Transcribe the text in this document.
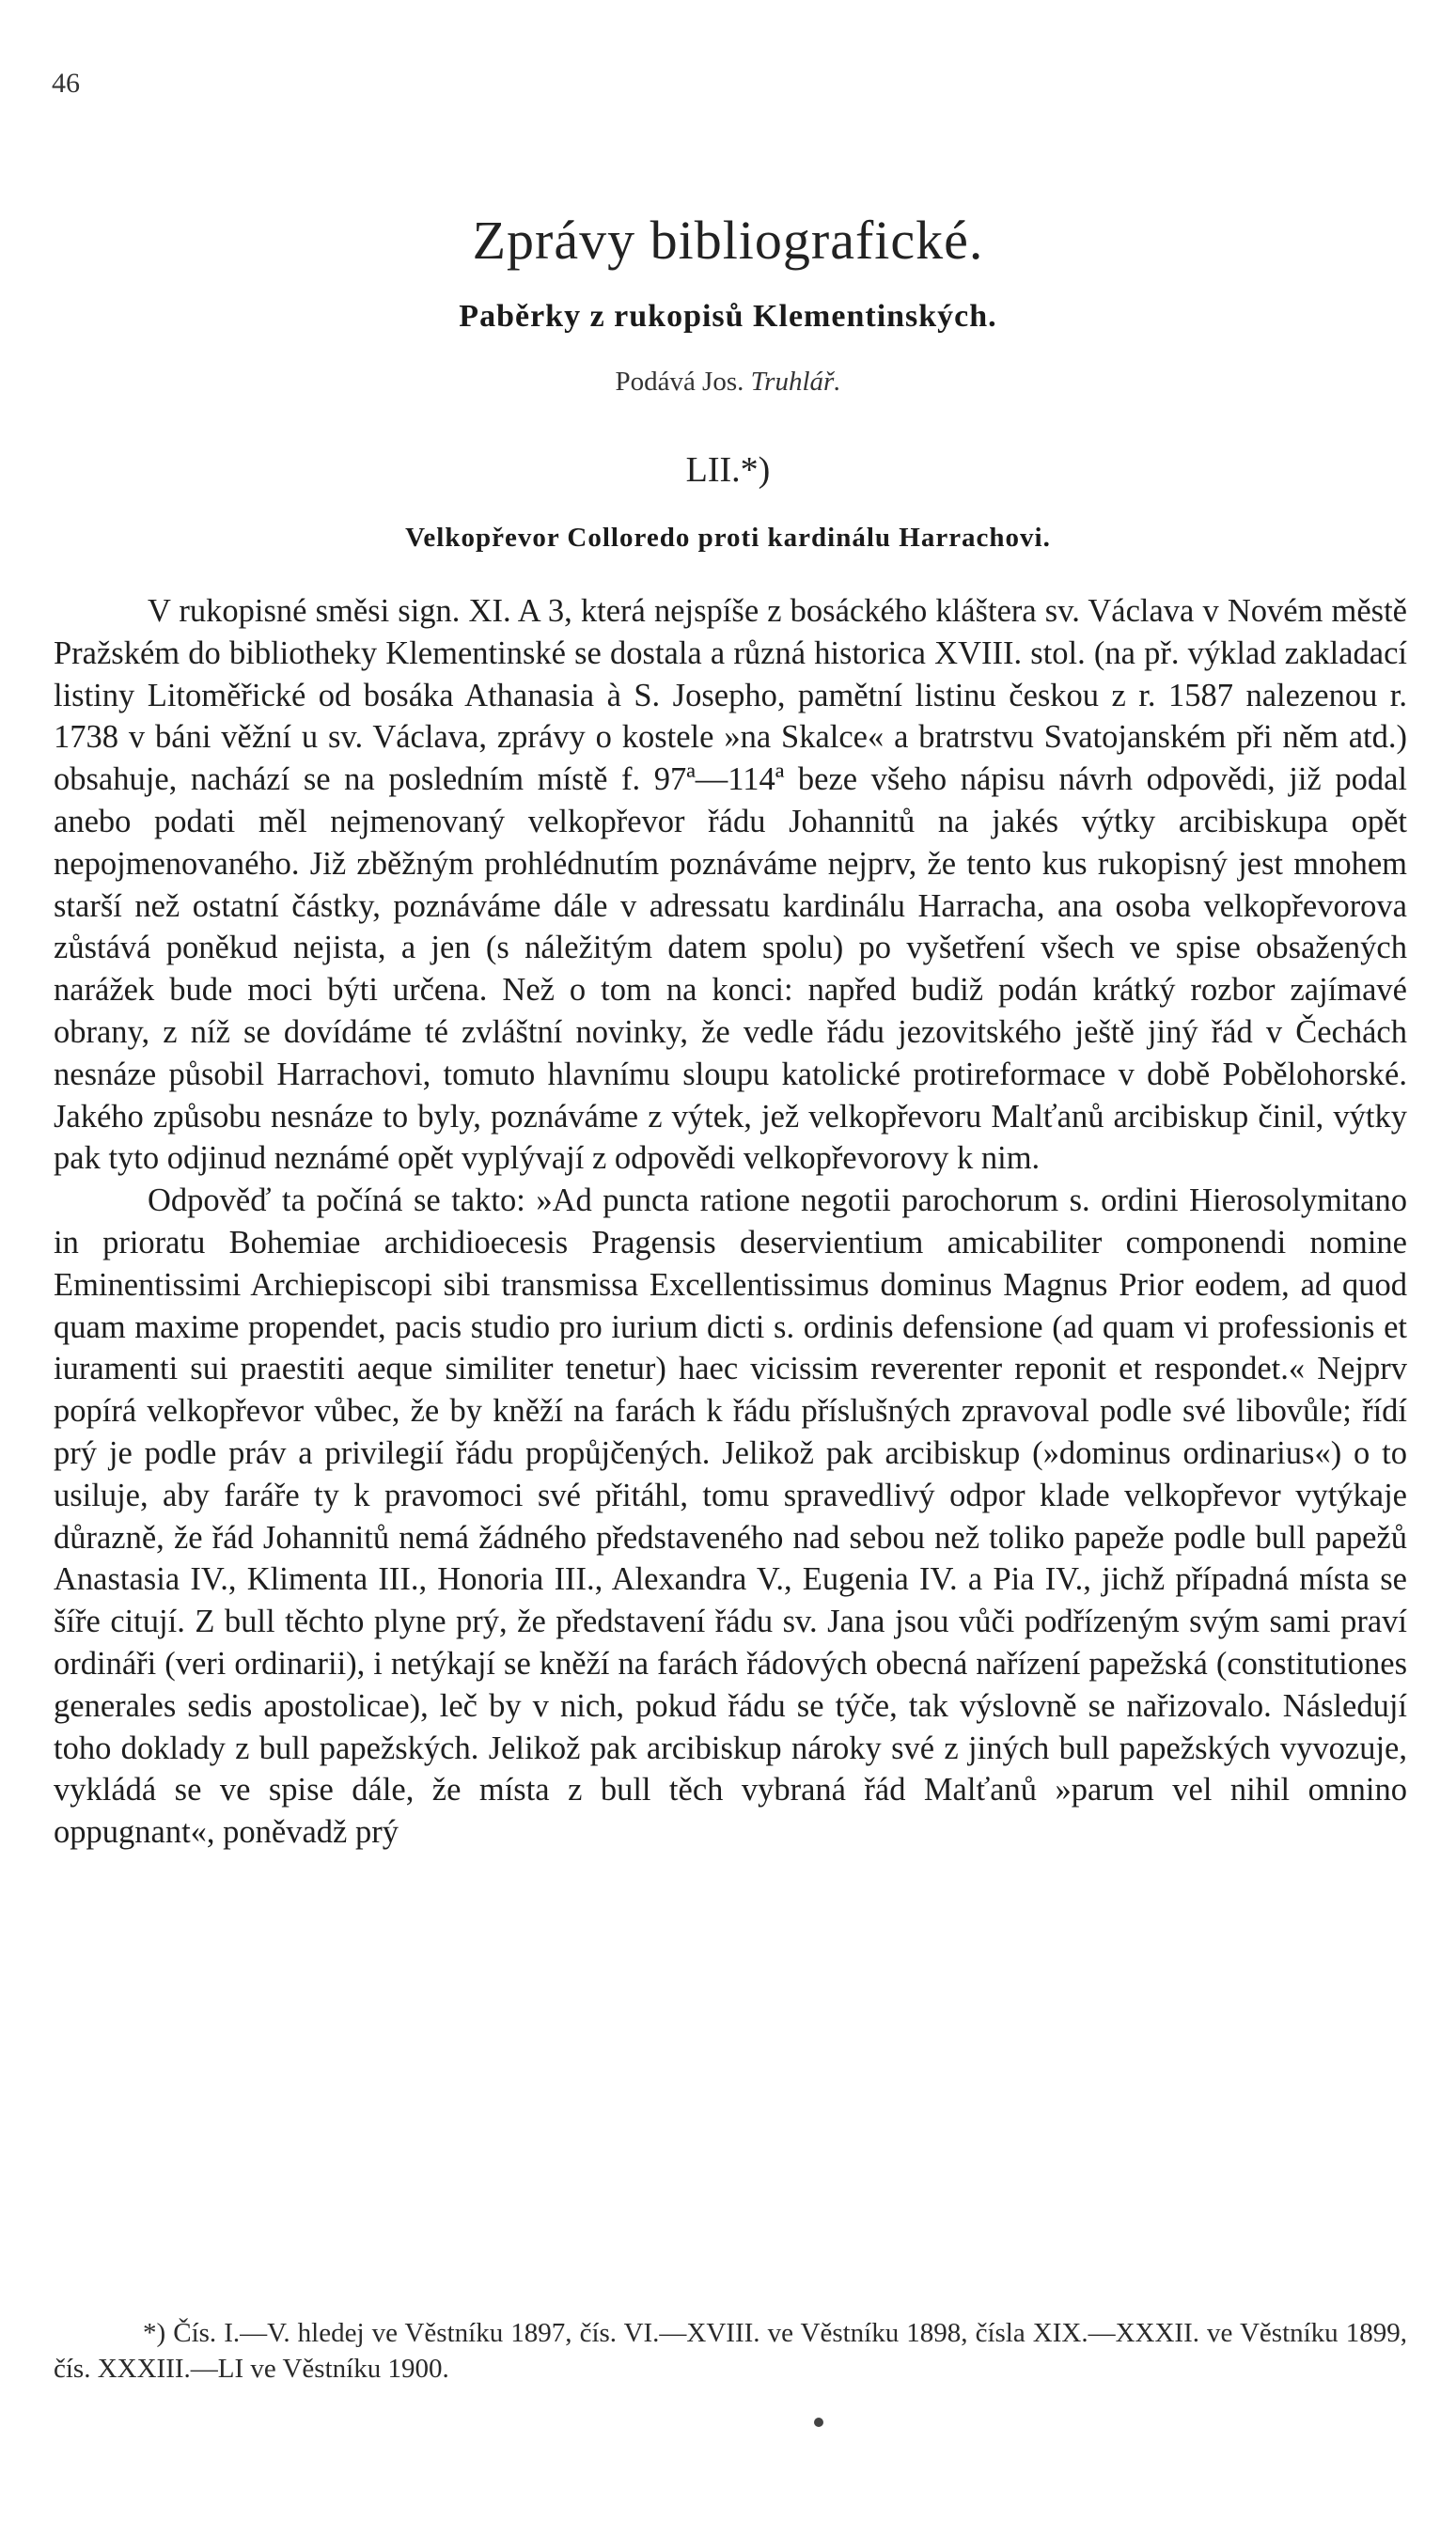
46
Zprávy bibliografické.
Paběrky z rukopisů Klementinských.
Podává Jos. Truhlář.
LII.*)
Velkopřevor Colloredo proti kardinálu Harrachovi.

V rukopisné směsi sign. XI. A 3, která nejspíše z bosáckého kláštera sv. Václava v Novém městě Pražském do bibliotheky Klementinské se dostala a různá historica XVIII. stol. (na př. výklad zakladací listiny Litoměřické od bosáka Athanasia à S. Josepho, pamětní listinu českou z r. 1587 nalezenou r. 1738 v báni věžní u sv. Václava, zprávy o kostele »na Skalce« a bratrstvu Svatojanském při něm atd.) obsahuje, nachází se na posledním místě f. 97ª—114ª beze všeho nápisu návrh odpovědi, již podal anebo podati měl nejmenovaný velkopřevor řádu Johannitů na jakés výtky arcibiskupa opět nepojmenovaného. Již zběžným prohlédnutím poznáváme nejprv, že tento kus rukopisný jest mnohem starší než ostatní částky, poznáváme dále v adressatu kardinálu Harracha, ana osoba velkopřevorova zůstává poněkud nejista, a jen (s náležitým datem spolu) po vyšetření všech ve spise obsažených narážek bude moci býti určena. Než o tom na konci: napřed budiž podán krátký rozbor zajímavé obrany, z níž se dovídáme té zvláštní novinky, že vedle řádu jezovitského ještě jiný řád v Čechách nesnáze působil Harrachovi, tomuto hlavnímu sloupu katolické protireformace v době Pobělohorské. Jakého způsobu nesnáze to byly, poznáváme z výtek, jež velkopřevoru Malťanů arcibiskup činil, výtky pak tyto odjinud neznámé opět vyplývají z odpovědi velkopřevorovy k nim.

Odpověď ta počíná se takto: »Ad puncta ratione negotii parochorum s. ordini Hierosolymitano in prioratu Bohemiae archidioecesis Pragensis deservientium amicabiliter componendi nomine Eminentissimi Archiepiscopi sibi transmissa Excellentissimus dominus Magnus Prior eodem, ad quod quam maxime propendet, pacis studio pro iurium dicti s. ordinis defensione (ad quam vi professionis et iuramenti sui praestiti aeque similiter tenetur) haec vicissim reverenter reponit et respondet.« Nejprv popírá velkopřevor vůbec, že by kněží na farách k řádu příslušných zpravoval podle své libovůle; řídí prý je podle práv a privilegií řádu propůjčených. Jelikož pak arcibiskup (»dominus ordinarius«) o to usiluje, aby faráře ty k pravomoci své přitáhl, tomu spravedlivý odpor klade velkopřevor vytýkaje důrazně, že řád Johannitů nemá žádného představeného nad sebou než toliko papeže podle bull papežů Anastasia IV., Klimenta III., Honoria III., Alexandra V., Eugenia IV. a Pia IV., jichž případná místa se šíře citují. Z bull těchto plyne prý, že představení řádu sv. Jana jsou vůči podřízeným svým sami praví ordináři (veri ordinarii), i netýkají se kněží na farách řádových obecná nařízení papežská (constitutiones generales sedis apostolicae), leč by v nich, pokud řádu se týče, tak výslovně se nařizovalo. Následují toho doklady z bull papežských. Jelikož pak arcibiskup nároky své z jiných bull papežských vyvozuje, vykládá se ve spise dále, že místa z bull těch vybraná řád Malťanů »parum vel nihil omnino oppugnant«, poněvadž prý

*) Čís. I.—V. hledej ve Věstníku 1897, čís. VI.—XVIII. ve Věstníku 1898, čísla XIX.—XXXII. ve Věstníku 1899, čís. XXXIII.—LI ve Věstníku 1900.
